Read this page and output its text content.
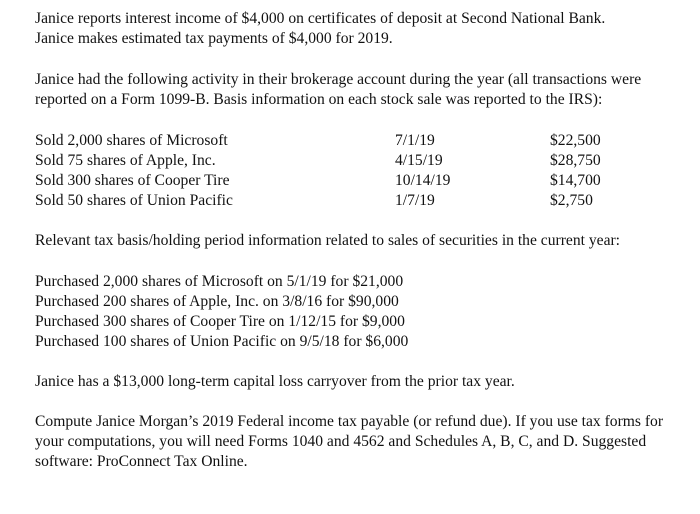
Janice reports interest income of $4,000 on certificates of deposit at Second National Bank.

Janice makes estimated tax payments of $4,000 for 2019.

Janice had the following activity in their brokerage account during the year (all transactions were reported on a Form 1099-B. Basis information on each stock sale was reported to the IRS):

Sold 2,000 shares of Microsoft	7/1/19	$22,500
Sold 75 shares of Apple, Inc.	4/15/19	$28,750
Sold 300 shares of Cooper Tire	10/14/19	$14,700
Sold 50 shares of Union Pacific	1/7/19	$2,750

Relevant tax basis/holding period information related to sales of securities in the current year:

Purchased 2,000 shares of Microsoft on 5/1/19 for $21,000

Purchased 200 shares of Apple, Inc. on 3/8/16 for $90,000

Purchased 300 shares of Cooper Tire on 1/12/15 for $9,000

Purchased 100 shares of Union Pacific on 9/5/18 for $6,000

Janice has a $13,000 long-term capital loss carryover from the prior tax year.

Compute Janice Morgan’s 2019 Federal income tax payable (or refund due). If you use tax forms for your computations, you will need Forms 1040 and 4562 and Schedules A, B, C, and D. Suggested software: ProConnect Tax Online.
